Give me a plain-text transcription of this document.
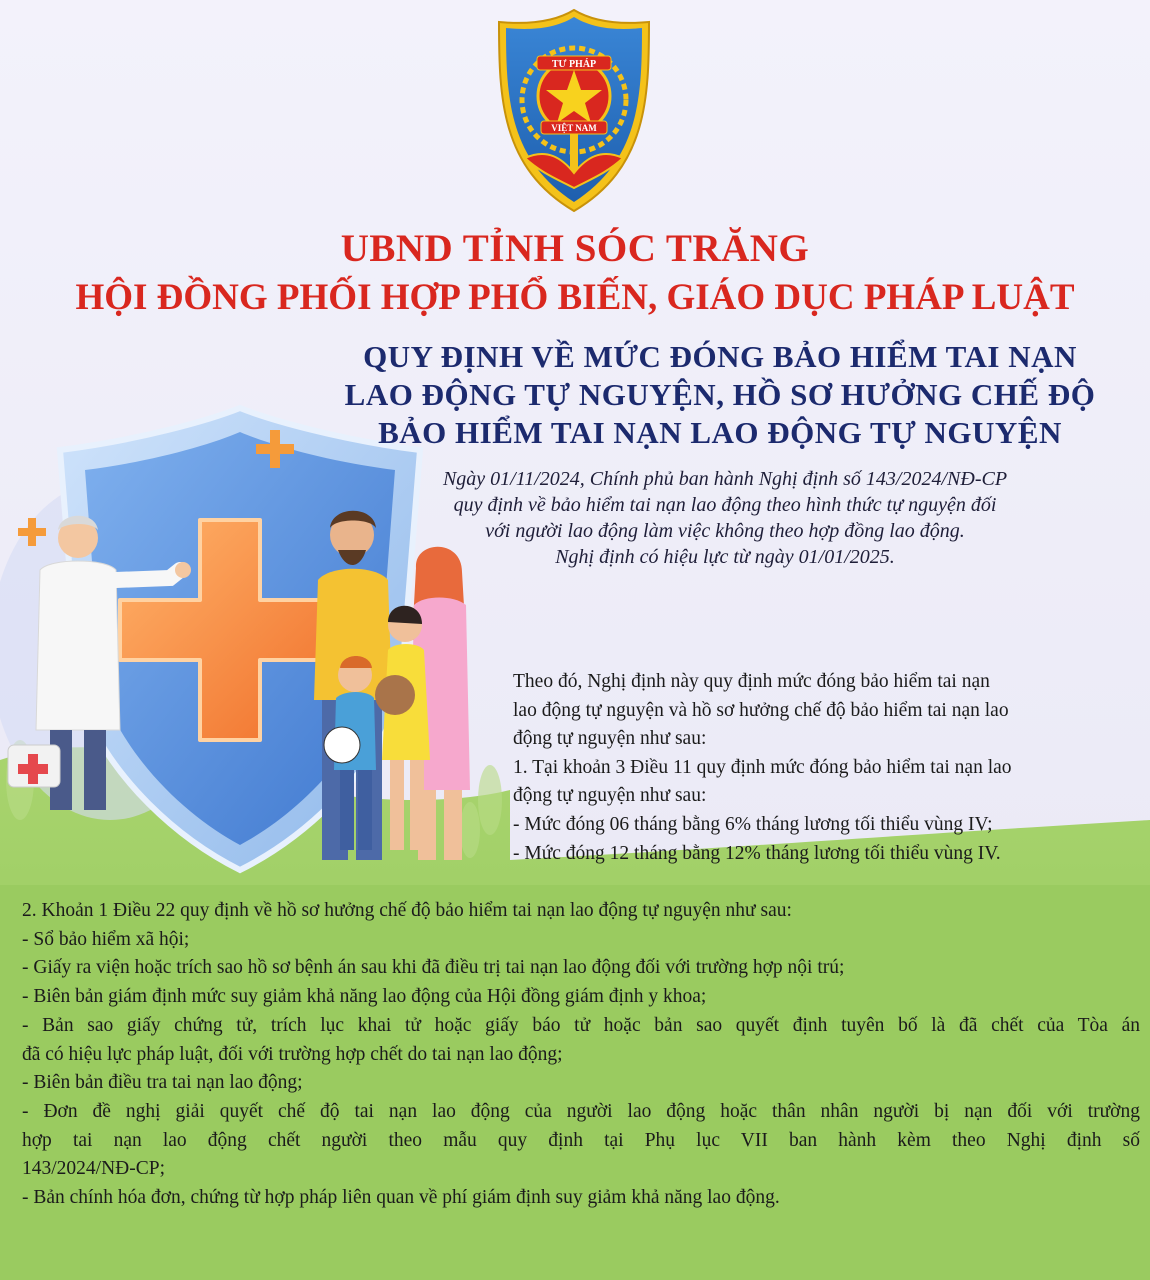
TƯ PHÁP
VIỆT NAM
UBND TỈNH SÓC TRĂNG
HỘI ĐỒNG PHỐI HỢP PHỔ BIẾN, GIÁO DỤC PHÁP LUẬT
QUY ĐỊNH VỀ MỨC ĐÓNG BẢO HIỂM TAI NẠN
LAO ĐỘNG TỰ NGUYỆN, HỒ SƠ HƯỞNG CHẾ ĐỘ
BẢO HIỂM TAI NẠN LAO ĐỘNG TỰ NGUYỆN
Ngày 01/11/2024, Chính phủ ban hành Nghị định số 143/2024/NĐ-CP
quy định về bảo hiểm tai nạn lao động theo hình thức tự nguyện đối
với người lao động làm việc không theo hợp đồng lao động.
Nghị định có hiệu lực từ ngày 01/01/2025.
Theo đó, Nghị định này quy định mức đóng bảo hiểm tai nạn
lao động tự nguyện và hồ sơ hưởng chế độ bảo hiểm tai nạn lao
động tự nguyện như sau:
1. Tại khoản 3 Điều 11 quy định mức đóng bảo hiểm tai nạn lao
động tự nguyện như sau:
- Mức đóng 06 tháng bằng 6% tháng lương tối thiểu vùng IV;
- Mức đóng 12 tháng bằng 12% tháng lương tối thiểu vùng IV.
2. Khoản 1 Điều 22 quy định về hồ sơ hưởng chế độ bảo hiểm tai nạn lao động tự nguyện như sau:
- Sổ bảo hiểm xã hội;
- Giấy ra viện hoặc trích sao hồ sơ bệnh án sau khi đã điều trị tai nạn lao động đối với trường hợp nội trú;
- Biên bản giám định mức suy giảm khả năng lao động của Hội đồng giám định y khoa;
- Bản sao giấy chứng tử, trích lục khai tử hoặc giấy báo tử hoặc bản sao quyết định tuyên bố là đã chết của Tòa án
đã có hiệu lực pháp luật, đối với trường hợp chết do tai nạn lao động;
- Biên bản điều tra tai nạn lao động;
- Đơn đề nghị giải quyết chế độ tai nạn lao động của người lao động hoặc thân nhân người bị nạn đối với trường
hợp tai nạn lao động chết người theo mẫu quy định tại Phụ lục VII ban hành kèm theo Nghị định số
143/2024/NĐ-CP;
- Bản chính hóa đơn, chứng từ hợp pháp liên quan về phí giám định suy giảm khả năng lao động.
